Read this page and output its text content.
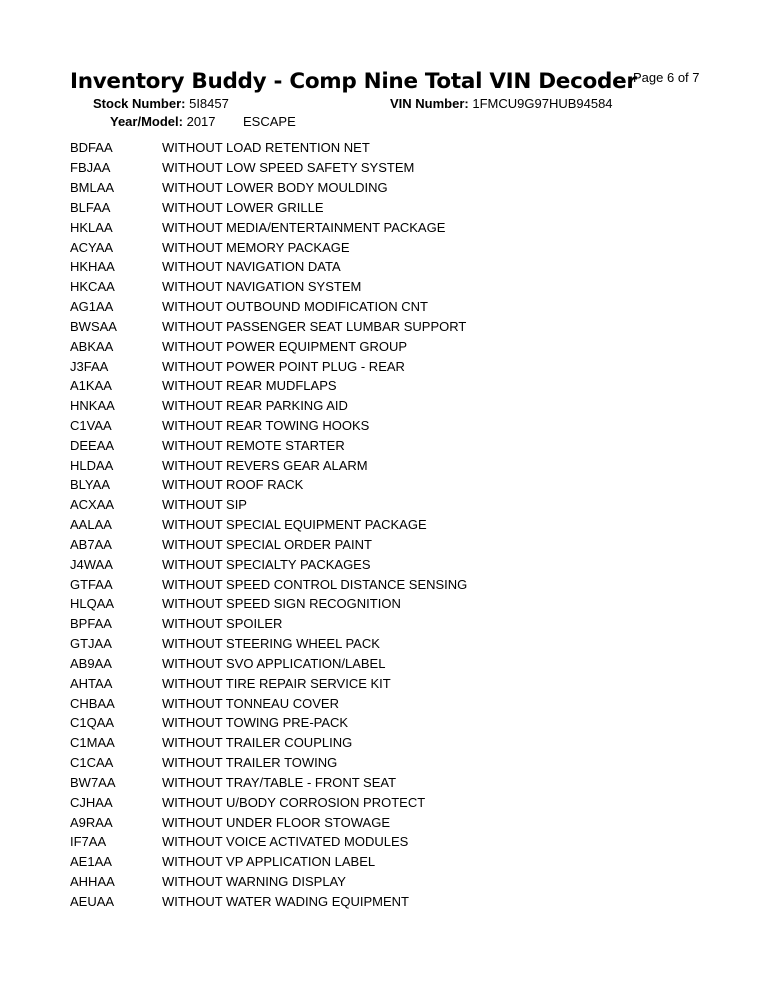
Inventory Buddy - Comp Nine Total VIN Decoder
Page 6 of 7
Stock Number: 5I8457	VIN Number: 1FMCU9G97HUB94584
Year/Model: 2017 ESCAPE
BDFAA	WITHOUT LOAD RETENTION NET
FBJAA	WITHOUT LOW SPEED SAFETY SYSTEM
BMLAA	WITHOUT LOWER BODY MOULDING
BLFAA	WITHOUT LOWER GRILLE
HKLAA	WITHOUT MEDIA/ENTERTAINMENT PACKAGE
ACYAA	WITHOUT MEMORY PACKAGE
HKHAA	WITHOUT NAVIGATION DATA
HKCAA	WITHOUT NAVIGATION SYSTEM
AG1AA	WITHOUT OUTBOUND MODIFICATION CNT
BWSAA	WITHOUT PASSENGER SEAT LUMBAR SUPPORT
ABKAA	WITHOUT POWER EQUIPMENT GROUP
J3FAA	WITHOUT POWER POINT PLUG - REAR
A1KAA	WITHOUT REAR MUDFLAPS
HNKAA	WITHOUT REAR PARKING AID
C1VAA	WITHOUT REAR TOWING HOOKS
DEEAA	WITHOUT REMOTE STARTER
HLDAA	WITHOUT REVERS GEAR ALARM
BLYAA	WITHOUT ROOF RACK
ACXAA	WITHOUT SIP
AALAA	WITHOUT SPECIAL EQUIPMENT PACKAGE
AB7AA	WITHOUT SPECIAL ORDER PAINT
J4WAA	WITHOUT SPECIALTY PACKAGES
GTFAA	WITHOUT SPEED CONTROL DISTANCE SENSING
HLQAA	WITHOUT SPEED SIGN RECOGNITION
BPFAA	WITHOUT SPOILER
GTJAA	WITHOUT STEERING WHEEL PACK
AB9AA	WITHOUT SVO APPLICATION/LABEL
AHTAA	WITHOUT TIRE REPAIR SERVICE KIT
CHBAA	WITHOUT TONNEAU COVER
C1QAA	WITHOUT TOWING PRE-PACK
C1MAA	WITHOUT TRAILER COUPLING
C1CAA	WITHOUT TRAILER TOWING
BW7AA	WITHOUT TRAY/TABLE - FRONT SEAT
CJHAA	WITHOUT U/BODY CORROSION PROTECT
A9RAA	WITHOUT UNDER FLOOR STOWAGE
IF7AA	WITHOUT VOICE ACTIVATED MODULES
AE1AA	WITHOUT VP APPLICATION LABEL
AHHAA	WITHOUT WARNING DISPLAY
AEUAA	WITHOUT WATER WADING EQUIPMENT
